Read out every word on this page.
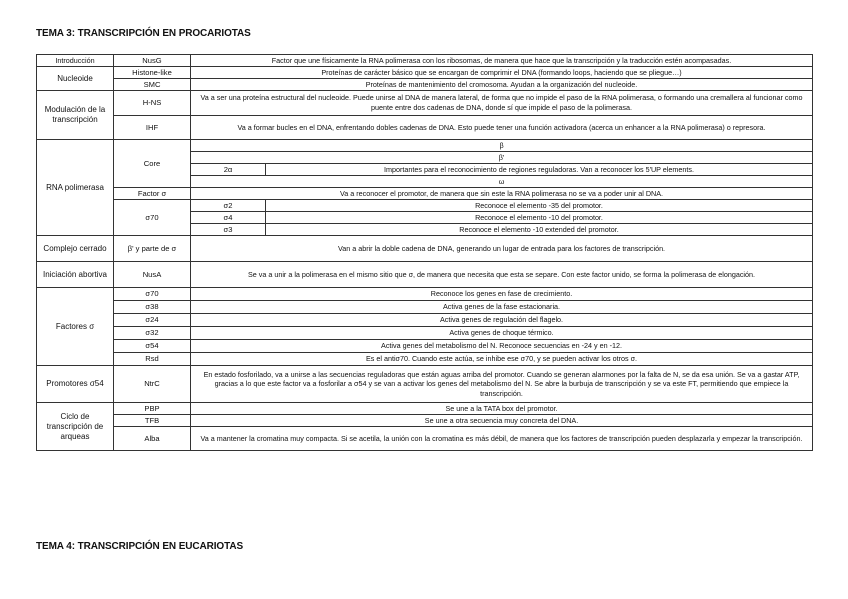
TEMA 3: TRANSCRIPCIÓN EN PROCARIOTAS
Introducción	NusG	Factor que une físicamente la RNA polimerasa con los ribosomas, de manera que hace que la transcripción y la traducción estén acompasadas.	
Nucleoide	Histone-like	Proteínas de carácter básico que se encargan de comprimir el DNA (formando loops, haciendo que se pliegue…)	
	SMC	Proteínas de mantenimiento del cromosoma. Ayudan a la organización del nucleoide.	
Modulación de la transcripción	H-NS	Va a ser una proteína estructural del nucleoide. Puede unirse al DNA de manera lateral, de forma que no impide el paso de la RNA polimerasa, o formando una cremallera al funcionar como puente entre dos cadenas de DNA, donde sí que impide el paso de la polimerasa.	
	IHF	Va a formar bucles en el DNA, enfrentando dobles cadenas de DNA. Esto puede tener una función activadora (acerca un enhancer a la RNA polimerasa) o represora.	
RNA polimerasa	Core	β	
		β'	
		2α	Importantes para el reconocimiento de regiones reguladoras. Van a reconocer los 5'UP elements.
		ω	
	Factor σ	Va a reconocer el promotor, de manera que sin este la RNA polimerasa no se va a poder unir al DNA.	
	σ70	σ2	Reconoce el elemento -35 del promotor.
		σ4	Reconoce el elemento -10 del promotor.
		σ3	Reconoce el elemento -10 extended del promotor.
Complejo cerrado	β' y parte de σ	Van a abrir la doble cadena de DNA, generando un lugar de entrada para los factores de transcripción.	
Iniciación abortiva	NusA	Se va a unir a la polimerasa en el mismo sitio que σ, de manera que necesita que esta se separe. Con este factor unido, se forma la polimerasa de elongación.	
Factores σ	σ70	Reconoce los genes en fase de crecimiento.	
	σ38	Activa genes de la fase estacionaria.	
	σ24	Activa genes de regulación del flagelo.	
	σ32	Activa genes de choque térmico.	
	σ54	Activa genes del metabolismo del N. Reconoce secuencias en -24 y en -12.	
	Rsd	Es el antiσ70. Cuando este actúa, se inhibe ese σ70, y se pueden activar los otros σ.	
Promotores σ54	NtrC	En estado fosforilado, va a unirse a las secuencias reguladoras que están aguas arriba del promotor. Cuando se generan alarmones por la falta de N, se da esa unión. Se va a gastar ATP, gracias a lo que este factor va a fosforilar a σ54 y se van a activar los genes del metabolismo del N. Se abre la burbuja de transcripción y se va este FT, permitiendo que empiece la transcripción.	
Ciclo de transcripción de arqueas	PBP	Se une a la TATA box del promotor.	
	TFB	Se une a otra secuencia muy concreta del DNA.	
	Alba	Va a mantener la cromatina muy compacta. Si se acetila, la unión con la cromatina es más débil, de manera que los factores de transcripción pueden desplazarla y empezar la transcripción.	
TEMA 4: TRANSCRIPCIÓN EN EUCARIOTAS
